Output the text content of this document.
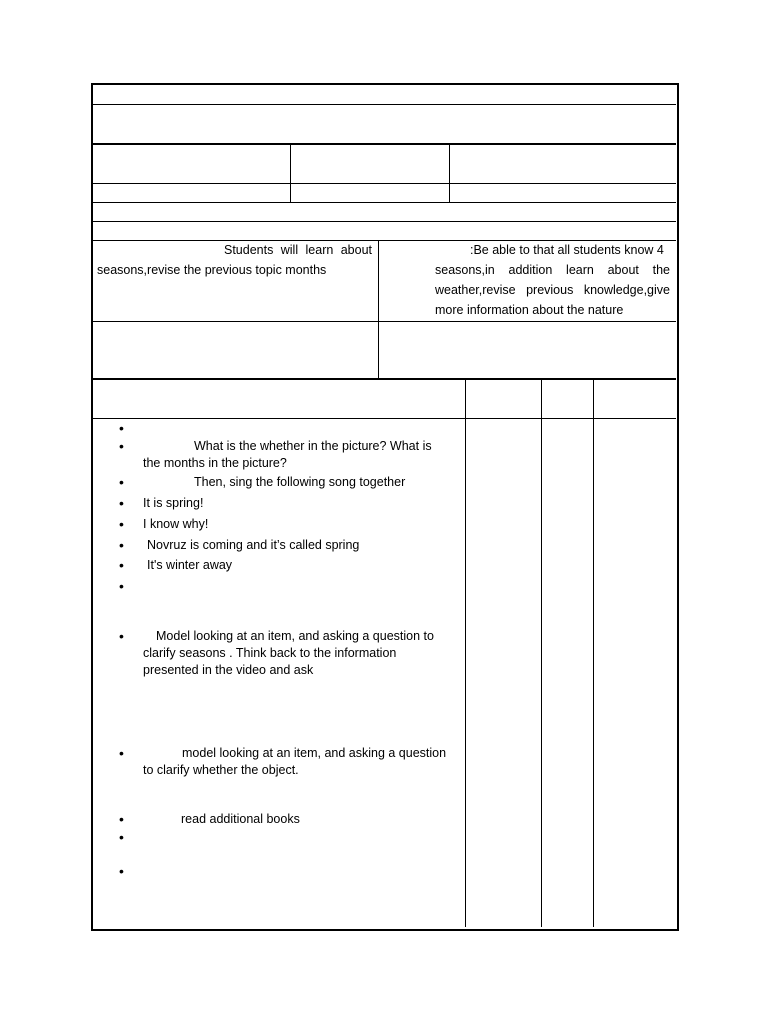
Students will learn about seasons,revise the previous topic months
:Be able to that all students know 4
seasons,in addition learn about the weather,revise previous knowledge,give more information about the nature
•
•	What is the whether in the picture? What is
the months in the picture?
•	Then, sing the following song together
• It is spring!
• I know why!
• Novruz is coming and it’s called spring
• It's winter away
•
•	Model looking at an item, and asking a question to
clarify seasons . Think back to the information
presented in the video and ask
•	model looking at an item, and asking a question
to clarify whether the object.
•	read additional books
•
•
